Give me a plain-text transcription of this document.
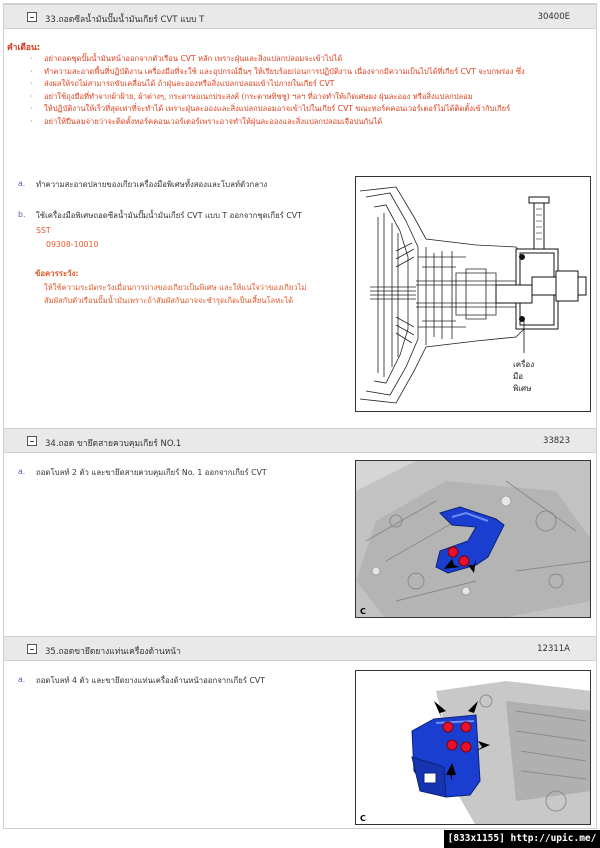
33.ถอดซีลน้ำมันปั๊มน้ำมันเกียร์ CVT แบบ T	30400E
คำเตือน:
· อย่าถอดชุดปั๊มน้ำมันหน้าออกจากตัวเรือน CVT หลัก เพราะฝุ่นและสิ่งแปลกปลอมจะเข้าไปได้
· ทำความสะอาดพื้นที่ปฏิบัติงาน เครื่องมือที่จะใช้ และอุปกรณ์อื่นๆ ให้เรียบร้อยก่อนการปฏิบัติงาน เนื่องจากมีความเป็นไปได้ที่เกียร์ CVT จะบกพร่อง ซึ่ง
· ส่งผลให้รถไม่สามารถขับเคลื่อนได้ ถ้าฝุ่นละอองหรือสิ่งแปลกปลอมเข้าไปภายในเกียร์ CVT
· อย่าใช้ถุงมือที่ทำจากผ้าฝ้าย, ผ้าต่างๆ, กระดาษอเนกประสงค์ (กระดาษทิชชู) ฯลฯ ที่อาจทำให้เกิดเศษผง ฝุ่นละออง หรือสิ่งแปลกปลอม
· ให้ปฏิบัติงานให้เร็วที่สุดเท่าที่จะทำได้ เพราะฝุ่นละอองและสิ่งแปลกปลอมอาจเข้าไปในเกียร์ CVT ขณะทอร์คคอนเวอร์เตอร์ไม่ได้ติดตั้งเข้ากับเกียร์
· อย่าให้ปืนลมจ่ายว่าจะติดตั้งทอร์คคอนเวอร์เตอร์เพราะอาจทำให้ฝุ่นละอองและสิ่งแปลกปลอมเจือปนกันได้
a. ทำความสะอาดปลายของเกียวเครื่องมือพิเศษทั้งสองและโบลท์ตัวกลาง
b. ใช้เครื่องมือพิเศษถอดซีลน้ำมันปั๊มน้ำมันเกียร์ CVT แบบ T ออกจากชุดเกียร์ CVT
SST
09308-10010
ข้อควรระวัง:
ให้ใช้ความระมัดระวังเมื่อนการถ่างของเกียวเป็นพิเศษ และให้แน่ใจว่าของเกียวไม่
สัมผัสกับตัวเรือนปั๊มน้ำมันเพราะถ้าสัมผัสกันอาจจะชำรุดเกิดเป็นเสี้ยนโลหะได้
เครื่อง
มือ
พิเศษ
34.ถอด ขายึดสายควบคุมเกียร์ NO.1	33823
a. ถอดโบลท์ 2 ตัว และขายึดสายควบคุมเกียร์ No. 1 ออกจากเกียร์ CVT
C
35.ถอดขายึดยางแท่นเครื่องด้านหน้า	12311A
a. ถอดโบลท์ 4 ตัว และขายึดยางแท่นเครื่องด้านหน้าออกจากเกียร์ CVT
C
[833x1155] http://upic.me/
